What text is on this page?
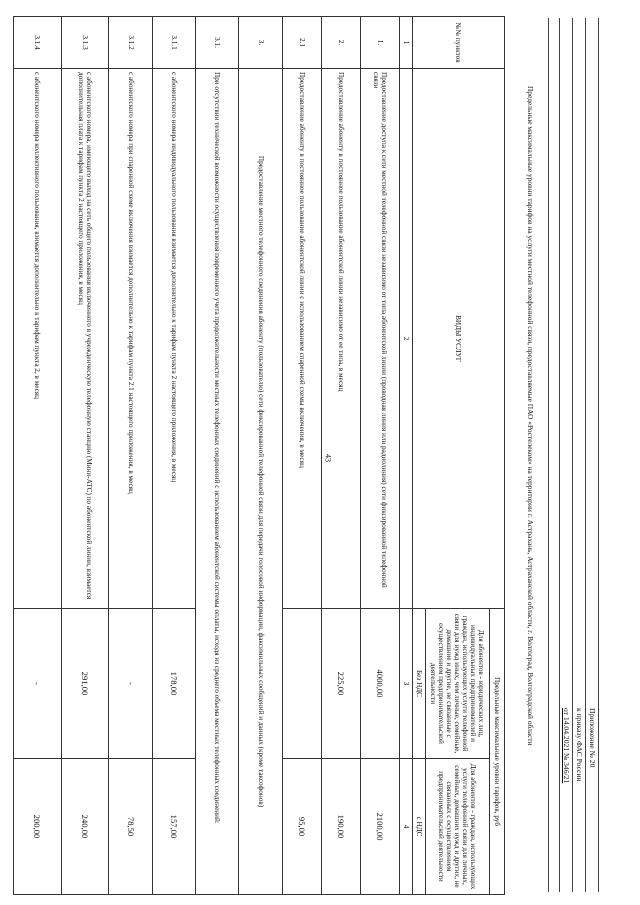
43
Приложение № 20
к приказу ФАС России
от 14.04.2021 № 346/21
Предельные максимальные уровни тарифов на услуги местной телефонной связи, предоставляемые ПАО «Ростелеком» на территории г. Астрахань, Астраханской области, г. Волгоград, Волгоградской области
№№ пунктов	ВИДЫ УСЛУГ	Предельные максимальные уровни тарифов, руб	
		Для абонентов - юридических лиц, индивидуальных предпринимателей и граждан, использующих услуги телефонной связи для нужд иных, чем личные, семейные, домашние и другие, не связанные с осуществлением предпринимательской деятельности	Для абонентов - граждан, использующих услуги телефонной связи для личных, семейных, домашних нужд и других, не связанных с осуществлением предпринимательской деятельности
		Без НДС	с НДС
1	2	3	4
1.	Предоставление доступа к сети местной телефонной связи независимо от типа абонентской линии (проводная линия или радиолиния) сети фиксированной телефонной связи	4000,00	2100,00
2.	Предоставление абоненту в постоянное пользование абонентской линии независимо от ее типа, в месяц	225,00	190,00
2.1	Предоставление абоненту в постоянное пользование абонентской линии с использованием спаренной схемы включения, в месяц		95,00
3.	Предоставление местного телефонного соединения абоненту (пользователю) сети фиксированной телефонной связи для передачи голосовой информации, факсимильных сообщений и данных (кроме таксофонов)		
3.1.	При отсутствии технической возможности осуществления повременного учета продолжительности местных телефонных соединений с использованием абонентской системы оплаты, исходя из среднего объема местных телефонных соединений:		
3.1.1	с абонентского номера индивидуального пользования взимается дополнительно к тарифам пункта 2 настоящего приложения, в месяц	178,00	157,00
3.1.2	с абонентского номера при спаренной схеме включения взимается дополнительно к тарифам пункта 2.1 настоящего приложения, в месяц	-	78,50
3.1.3	с абонентского номера, имеющего выход на сеть общего пользования включенного в учрежденческую телефонную станцию (Мини-АТС) по абонентской линии, взимается дополнительная плата к тарифам пункта 2 настоящего приложения, в месяц	291,00	240,00
3.1.4	с абонентского номера коллективного пользования, взимается дополнительно к тарифам пункта 2, в месяц	-	200,00
